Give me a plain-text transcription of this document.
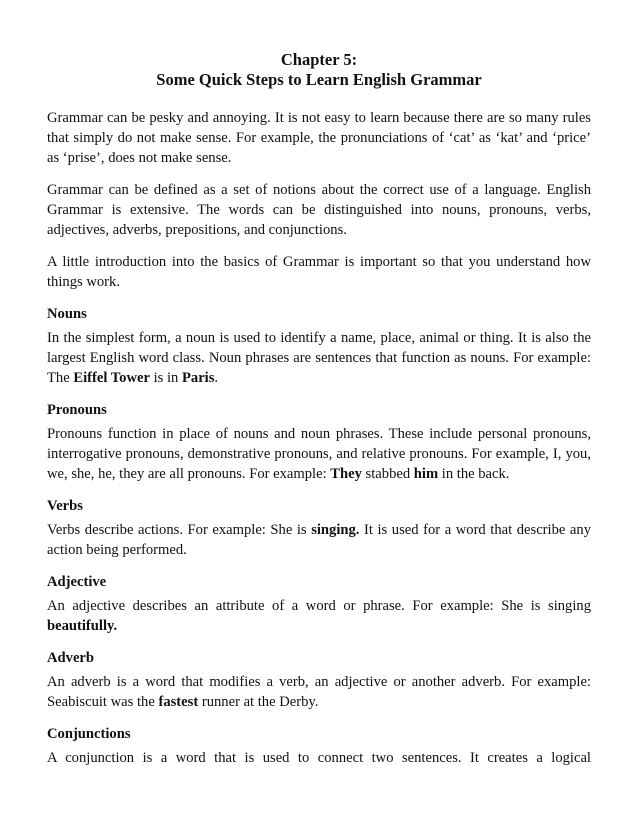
Chapter 5:
Some Quick Steps to Learn English Grammar

Grammar can be pesky and annoying. It is not easy to learn because there are so many rules that simply do not make sense. For example, the pronunciations of ‘cat’ as ‘kat’ and ‘price’ as ‘prise’, does not make sense.

Grammar can be defined as a set of notions about the correct use of a language. English Grammar is extensive. The words can be distinguished into nouns, pronouns, verbs, adjectives, adverbs, prepositions, and conjunctions.

A little introduction into the basics of Grammar is important so that you understand how things work.

Nouns

In the simplest form, a noun is used to identify a name, place, animal or thing. It is also the largest English word class. Noun phrases are sentences that function as nouns. For example: The Eiffel Tower is in Paris.

Pronouns

Pronouns function in place of nouns and noun phrases. These include personal pronouns, interrogative pronouns, demonstrative pronouns, and relative pronouns. For example, I, you, we, she, he, they are all pronouns. For example: They stabbed him in the back.

Verbs

Verbs describe actions. For example: She is singing. It is used for a word that describe any action being performed.

Adjective

An adjective describes an attribute of a word or phrase. For example: She is singing beautifully.

Adverb

An adverb is a word that modifies a verb, an adjective or another adverb. For example: Seabiscuit was the fastest runner at the Derby.

Conjunctions

A conjunction is a word that is used to connect two sentences. It creates a logical
